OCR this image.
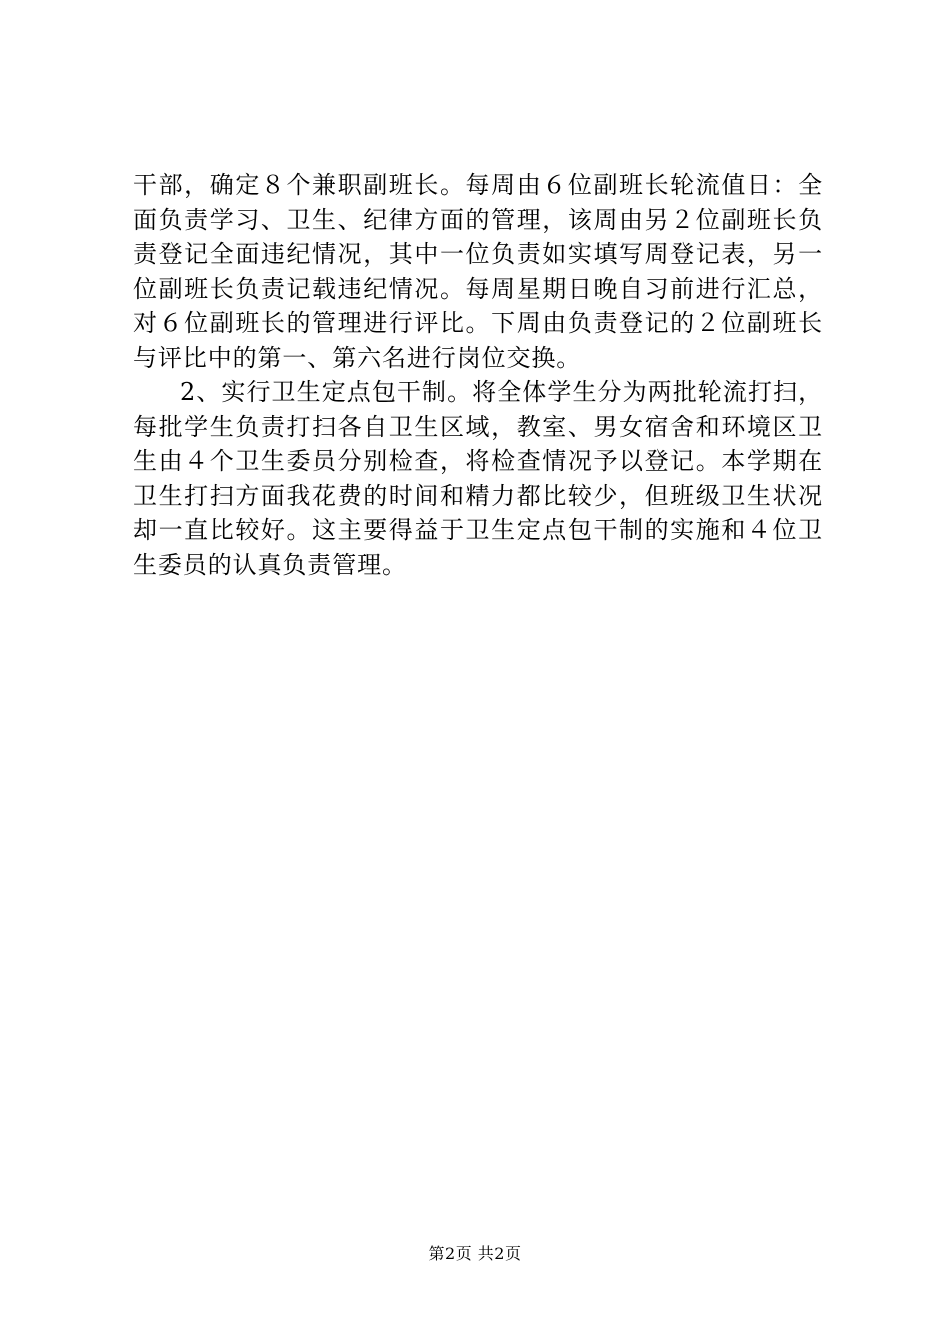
干部，确定８个兼职副班长。每周由６位副班长轮流值日：全
面负责学习、卫生、纪律方面的管理，该周由另２位副班长负
责登记全面违纪情况，其中一位负责如实填写周登记表，另一
位副班长负责记载违纪情况。每周星期日晚自习前进行汇总，
对６位副班长的管理进行评比。下周由负责登记的２位副班长
与评比中的第一、第六名进行岗位交换。
2、实行卫生定点包干制。将全体学生分为两批轮流打扫，
每批学生负责打扫各自卫生区域，教室、男女宿舍和环境区卫
生由４个卫生委员分别检查，将检查情况予以登记。本学期在
卫生打扫方面我花费的时间和精力都比较少，但班级卫生状况
却一直比较好。这主要得益于卫生定点包干制的实施和４位卫
生委员的认真负责管理。
第2页 共2页
